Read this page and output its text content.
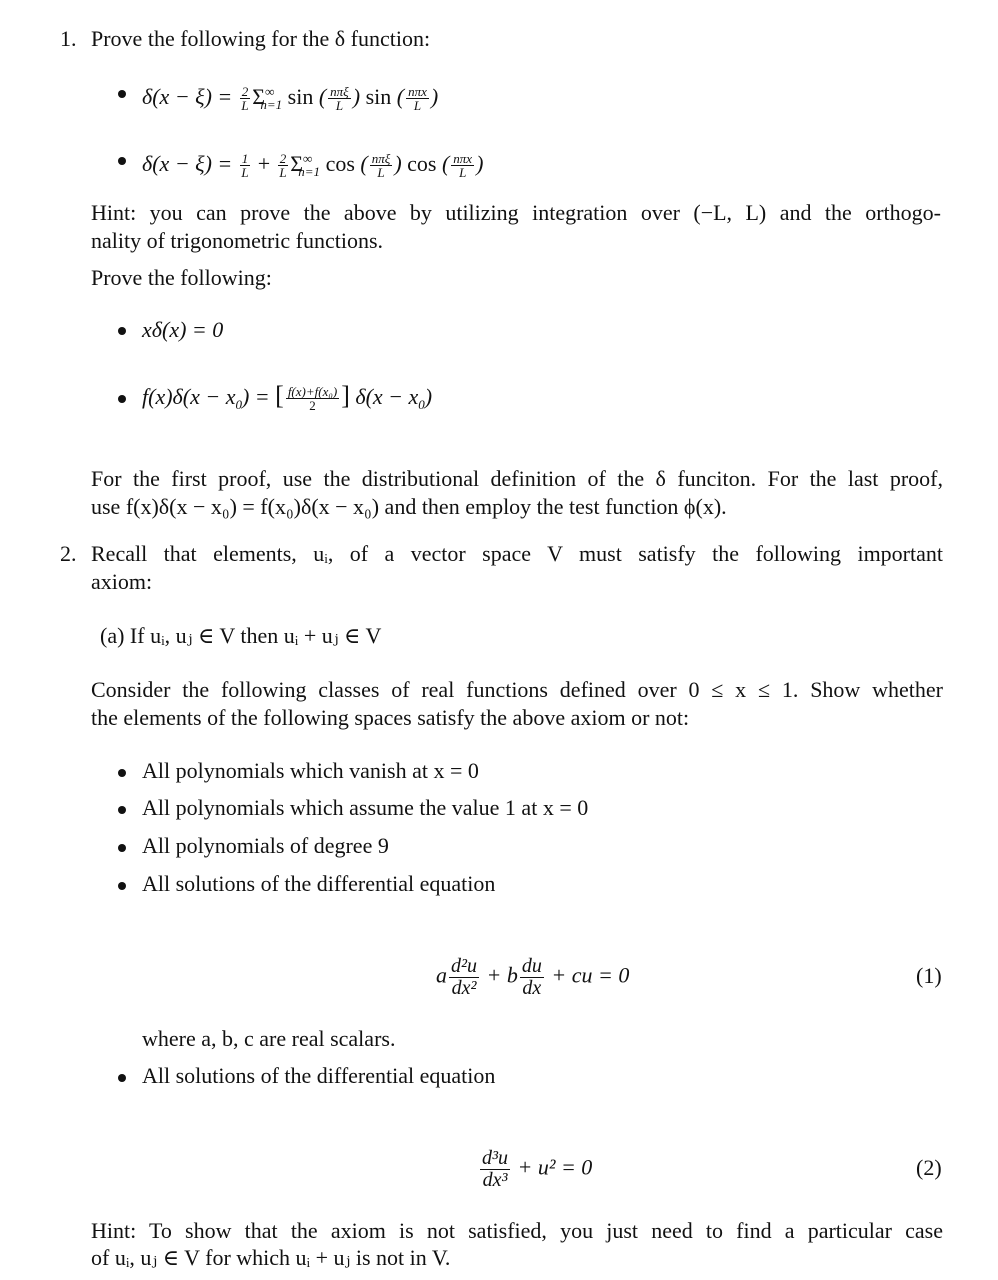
1. Prove the following for the δ function:
$\delta(x - \xi) = \frac{2}{L} \Sigma^\infty_{n=1}$ sin ( $\frac{\text{nπξ}}{L}$ ) sin ( $\frac{\text{nπx}}{L}$ )
$\delta(x - \xi) = \frac{1}{L} + \frac{2}{L} \Sigma^\infty_{n=1}$ cos ( $\frac{\text{nπξ}}{L}$ ) cos ( $\frac{\text{nπx}}{L}$ )
Hint: you can prove the above by utilizing integration over (−L, L) and the orthogo-
nality of trigonometric functions.
Prove the following:
xδ(x) = 0
$f(x)\delta(x - x_0)$ = [ $\frac{\text{f(x)+f(x₀)}}{2}$ ] $\delta(x - x_0)$
For the first proof, use the distributional definition of the δ funciton. For the last proof,
use f(x)δ(x − x₀) = f(x₀)δ(x − x₀) and then employ the test function ϕ(x).
2. Recall that elements, uᵢ, of a vector space V must satisfy the following important
axiom:
(a) If uᵢ, uⱼ ∈ V then uᵢ + uⱼ ∈ V
Consider the following classes of real functions defined over 0 ≤ x ≤ 1. Show whether
the elements of the following spaces satisfy the above axiom or not:
All polynomials which vanish at x = 0
All polynomials which assume the value 1 at x = 0
All polynomials of degree 9
All solutions of the differential equation
a $\frac{\text{d²u}}{\text{dx²}} + b \frac{du}{dx}$ + cu = 0	(1)
where a, b, c are real scalars.
All solutions of the differential equation
$\frac{\text{d³u}}{\text{dx³}} + u^2 = 0$	(2)
Hint: To show that the axiom is not satisfied, you just need to find a particular case
of uᵢ, uⱼ ∈ V for which uᵢ + uⱼ is not in V.
